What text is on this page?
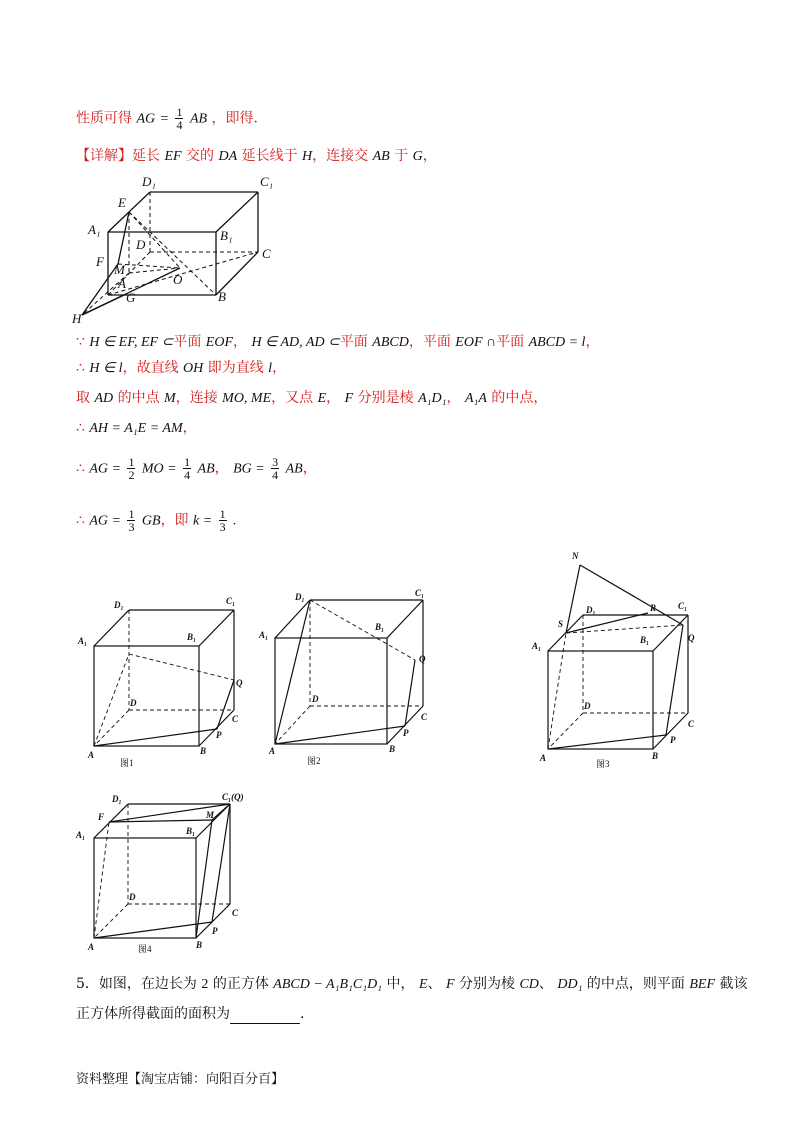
性质可得 AG = $\frac{1}{4}$ AB ，即得.
【详解】延长 EF 交的 DA 延长线于 H，连接交 AB 于 G，
D₁	C₁
E
A₁	B₁
D
C
F
M
A	O
G	B
H
∵ H ∈ EF, EF ⊂平面 EOF， H ∈ AD, AD ⊂平面 ABCD，平面 EOF ∩平面 ABCD = l，
∴ H ∈ l，故直线 OH 即为直线 l，
取 AD 的中点 M，连接 MO, ME，又点 E， F 分别是棱 A₁D₁， A₁A 的中点，
∴ AH = A₁E = AM，
∴ AG = $\frac{1}{2}$ MO = $\frac{1}{4}$ AB， BG = $\frac{3}{4}$ AB，
∴ AG = $\frac{1}{3}$ GB，即 $k = \frac{1}{3}$ .
D₁	C₁
A₁	B₁
D
C
Q
A	B
P
图1
D₁	C₁
A₁
B₁
D
C
Q
A	B
P
图2
N
D₁	R C₁
S
A₁
B₁	Q
D
C
A	B
P
图3
D₁	C₁(Q)
F	M
A₁	B₁
D
C
A	B
P
图4
5．如图，在边长为 2 的正方体 ABCD − A₁B₁C₁D₁ 中， E、 F 分别为棱 CD、 DD₁ 的中点，则平面 BEF 截该
正方体所得截面的面积为	.
资料整理【淘宝店铺：向阳百分百】
